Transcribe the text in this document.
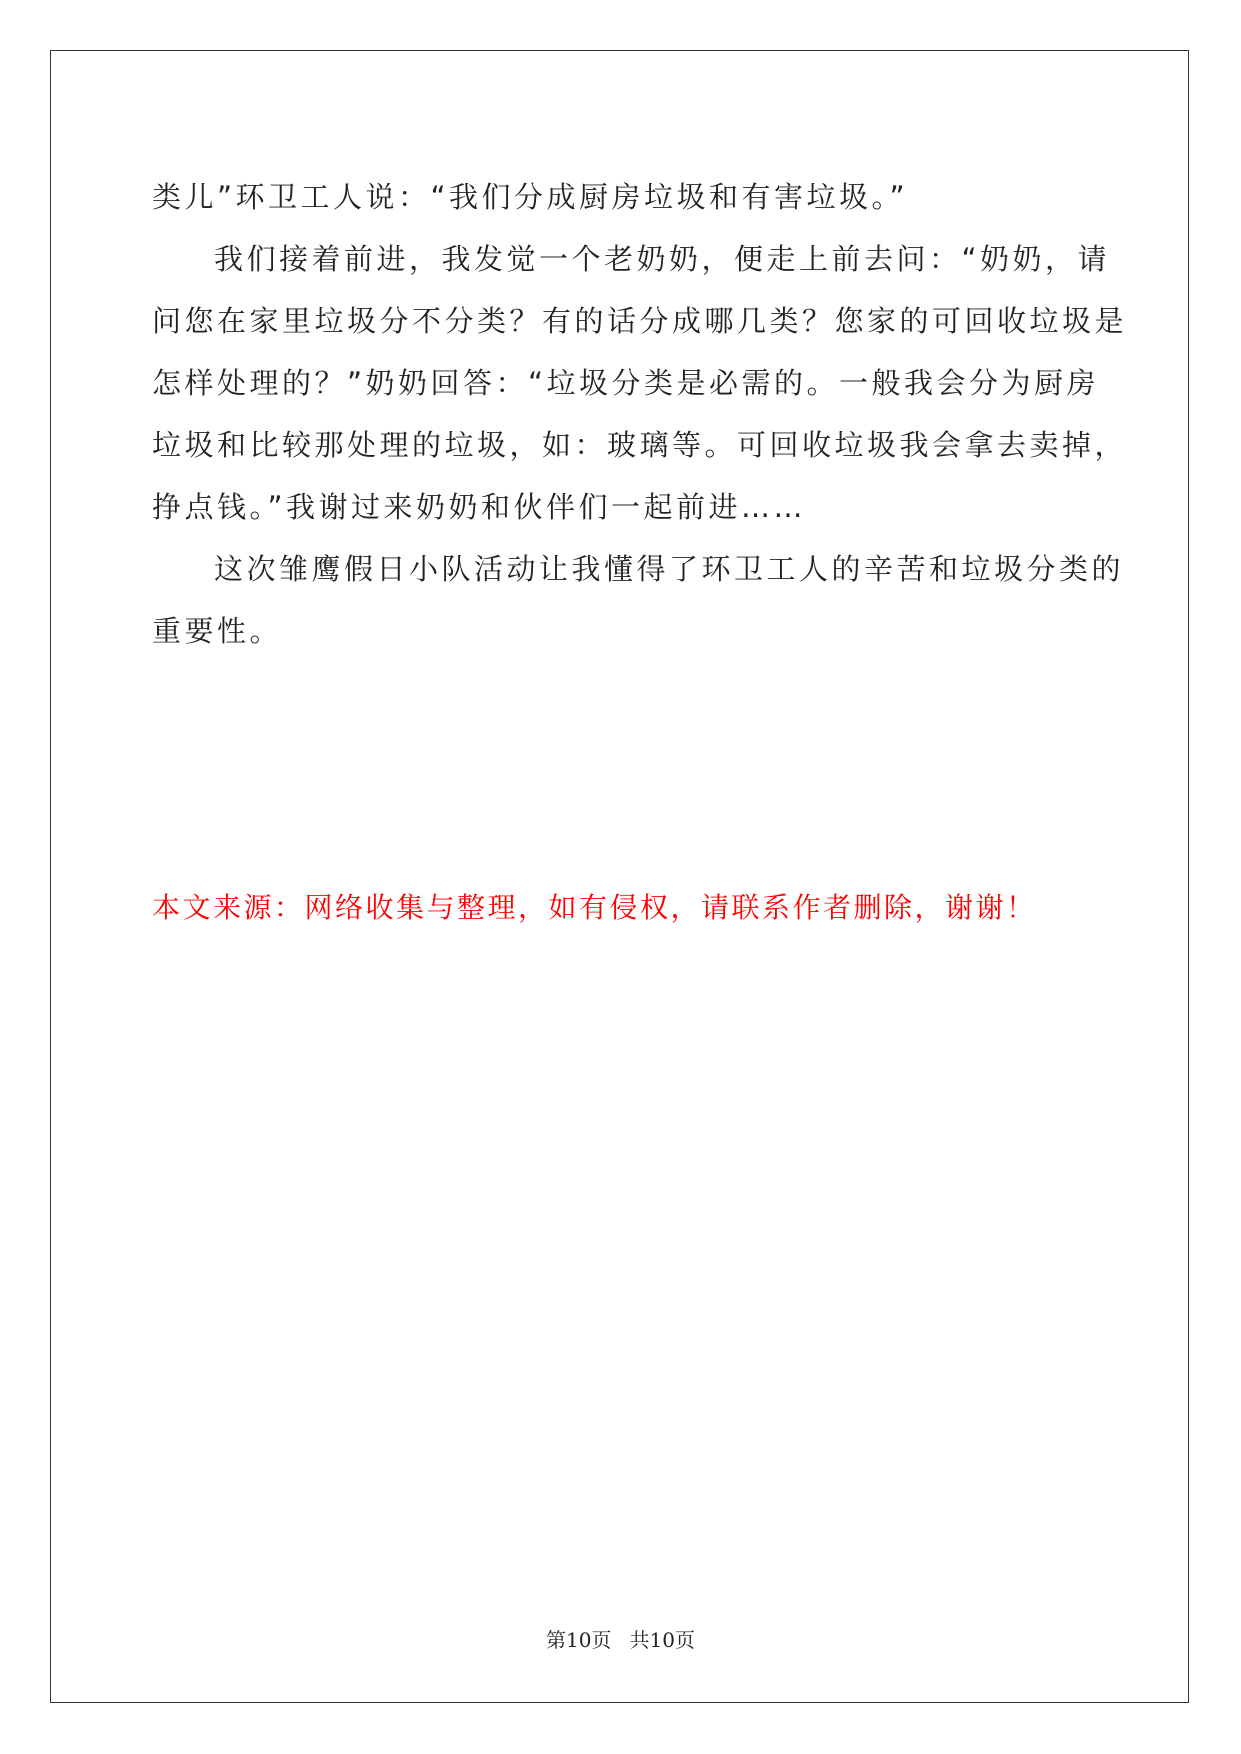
类儿”环卫工人说：“我们分成厨房垃圾和有害垃圾。”
我们接着前进，我发觉一个老奶奶，便走上前去问：“奶奶，请
问您在家里垃圾分不分类？有的话分成哪几类？您家的可回收垃圾是
怎样处理的？”奶奶回答：“垃圾分类是必需的。一般我会分为厨房
垃圾和比较那处理的垃圾，如：玻璃等。可回收垃圾我会拿去卖掉，
挣点钱。”我谢过来奶奶和伙伴们一起前进……
这次雏鹰假日小队活动让我懂得了环卫工人的辛苦和垃圾分类的
重要性。
本文来源：网络收集与整理，如有侵权，请联系作者删除，谢谢！
第10页 共10页
